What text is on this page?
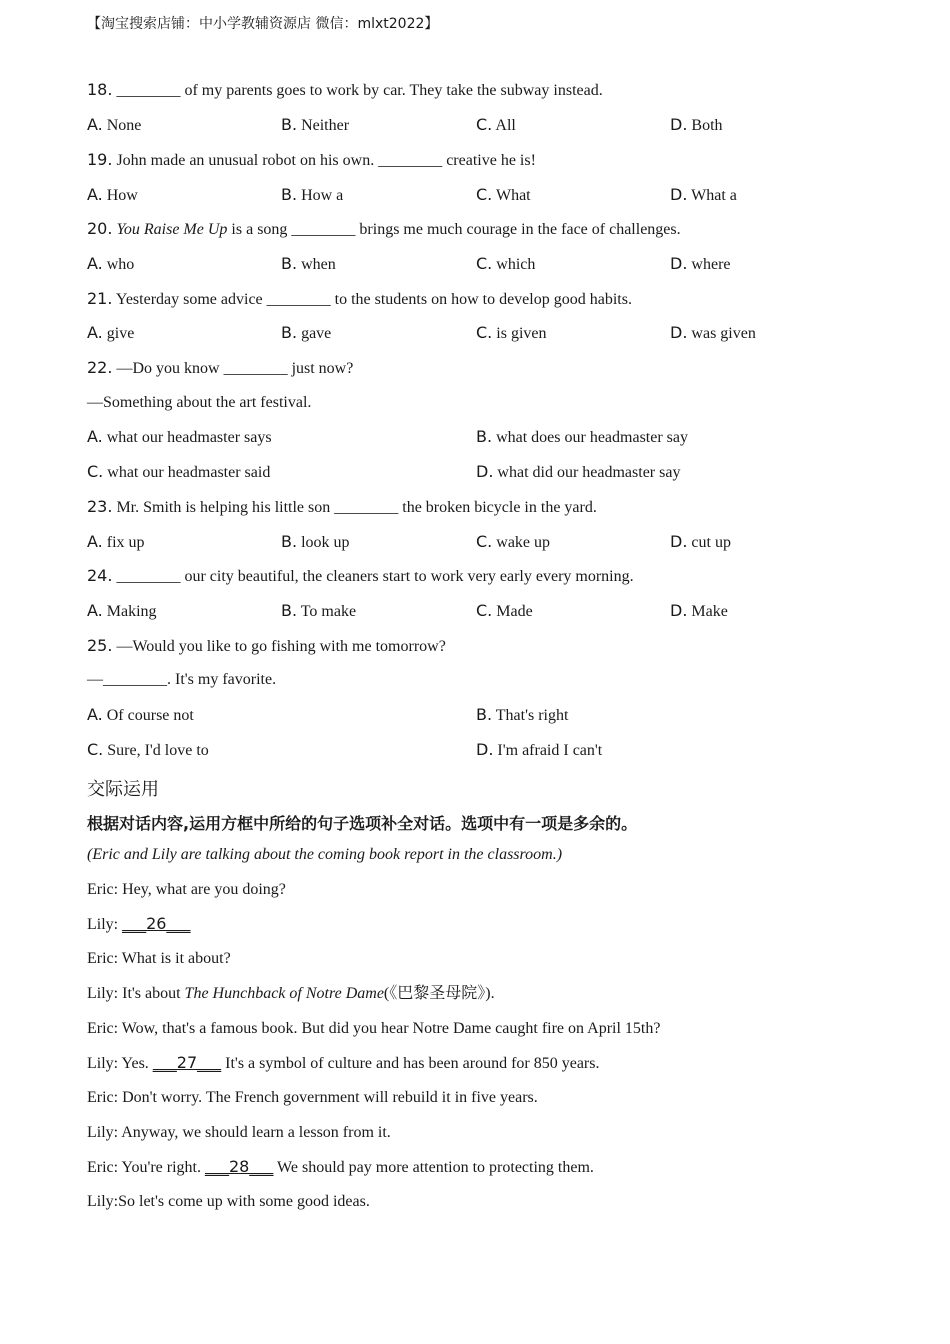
【淘宝搜索店铺：中小学教辅资源店 微信：mlxt2022】
18. ________ of my parents goes to work by car. They take the subway instead.
A. None	B. Neither	C. All	D. Both
19. John made an unusual robot on his own. ________ creative he is!
A. How	B. How a	C. What	D. What a
20. You Raise Me Up is a song ________ brings me much courage in the face of challenges.
A. who	B. when	C. which	D. where
21. Yesterday some advice ________ to the students on how to develop good habits.
A. give	B. gave	C. is given	D. was given
22. —Do you know ________ just now?
—Something about the art festival.
A. what our headmaster says	B. what does our headmaster say
C. what our headmaster said	D. what did our headmaster say
23. Mr. Smith is helping his little son ________ the broken bicycle in the yard.
A. fix up	B. look up	C. wake up	D. cut up
24. ________ our city beautiful, the cleaners start to work very early every morning.
A. Making	B. To make	C. Made	D. Make
25. —Would you like to go fishing with me tomorrow?
—________. It's my favorite.
A. Of course not	B. That's right
C. Sure, I'd love to	D. I'm afraid I can't
交际运用
根据对话内容,运用方框中所给的句子选项补全对话。选项中有一项是多余的。
(Eric and Lily are talking about the coming book report in the classroom.)
Eric: Hey, what are you doing?
Lily: ___26___
Eric: What is it about?
Lily: It's about The Hunchback of Notre Dame(《巴黎圣母院》).
Eric: Wow, that's a famous book. But did you hear Notre Dame caught fire on April 15th?
Lily: Yes. ___27___ It's a symbol of culture and has been around for 850 years.
Eric: Don't worry. The French government will rebuild it in five years.
Lily: Anyway, we should learn a lesson from it.
Eric: You're right. ___28___ We should pay more attention to protecting them.
Lily:So let's come up with some good ideas.
